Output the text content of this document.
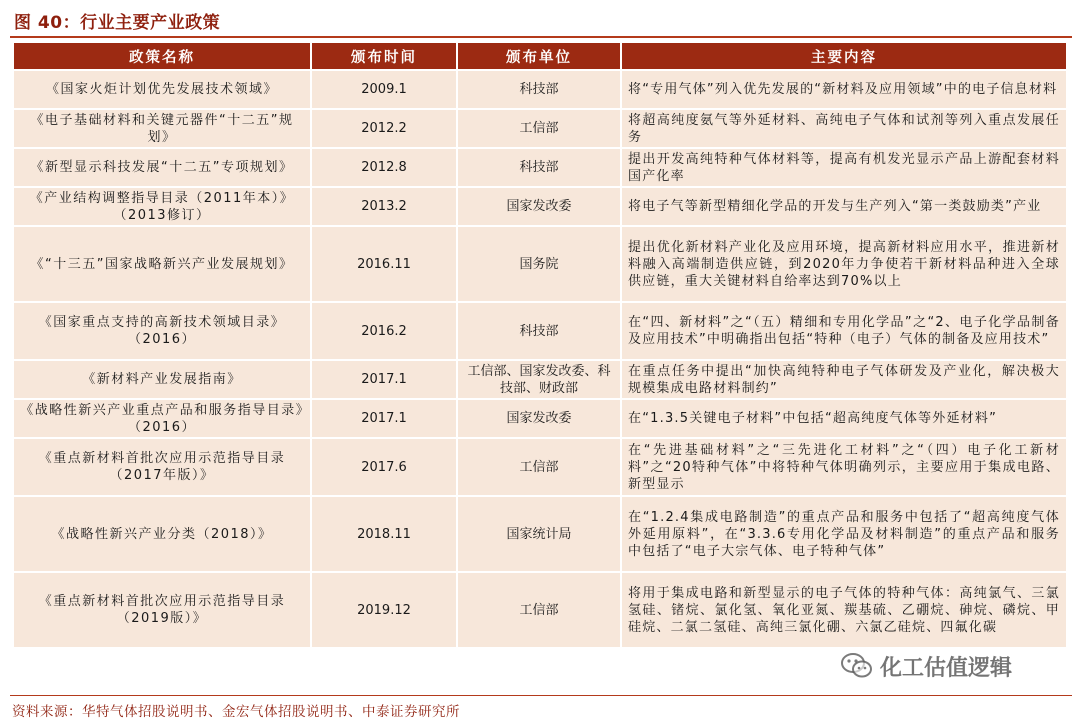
图 40：行业主要产业政策
政策名称	颁布时间	颁布单位	主要内容
《国家火炬计划优先发展技术领域》	2009.1	科技部	将“专用气体”列入优先发展的“新材料及应用领域”中的电子信息材料
《电子基础材料和关键元器件“十二五”规划》	2012.2	工信部	将超高纯度氨气等外延材料、高纯电子气体和试剂等列入重点发展任务
《新型显示科技发展“十二五”专项规划》	2012.8	科技部	提出开发高纯特种气体材料等，提高有机发光显示产品上游配套材料国产化率
《产业结构调整指导目录（2011年本）》（2013修订）	2013.2	国家发改委	将电子气等新型精细化学品的开发与生产列入“第一类鼓励类”产业
《“十三五”国家战略新兴产业发展规划》	2016.11	国务院	提出优化新材料产业化及应用环境，提高新材料应用水平，推进新材料融入高端制造供应链，到2020年力争使若干新材料品种进入全球供应链，重大关键材料自给率达到70%以上
《国家重点支持的高新技术领域目录》（2016）	2016.2	科技部	在“四、新材料”之“（五）精细和专用化学品”之“2、电子化学品制备及应用技术”中明确指出包括“特种（电子）气体的制备及应用技术”
《新材料产业发展指南》	2017.1	工信部、国家发改委、科技部、财政部	在重点任务中提出“加快高纯特种电子气体研发及产业化，解决极大规模集成电路材料制约”
《战略性新兴产业重点产品和服务指导目录》（2016）	2017.1	国家发改委	在“1.3.5关键电子材料”中包括“超高纯度气体等外延材料”
《重点新材料首批次应用示范指导目录（2017年版）》	2017.6	工信部	在“先进基础材料”之“三先进化工材料”之“（四）电子化工新材料”之“20特种气体”中将特种气体明确列示，主要应用于集成电路、新型显示
《战略性新兴产业分类（2018）》	2018.11	国家统计局	在“1.2.4集成电路制造”的重点产品和服务中包括了“超高纯度气体外延用原料”，在“3.3.6专用化学品及材料制造”的重点产品和服务中包括了“电子大宗气体、电子特种气体”
《重点新材料首批次应用示范指导目录（2019版）》	2019.12	工信部	将用于集成电路和新型显示的电子气体的特种气体：高纯氯气、三氯氢硅、锗烷、氯化氢、氧化亚氮、羰基硫、乙硼烷、砷烷、磷烷、甲硅烷、二氯二氢硅、高纯三氯化硼、六氯乙硅烷、四氟化碳
化工估值逻辑
资料来源：华特气体招股说明书、金宏气体招股说明书、中泰证券研究所
